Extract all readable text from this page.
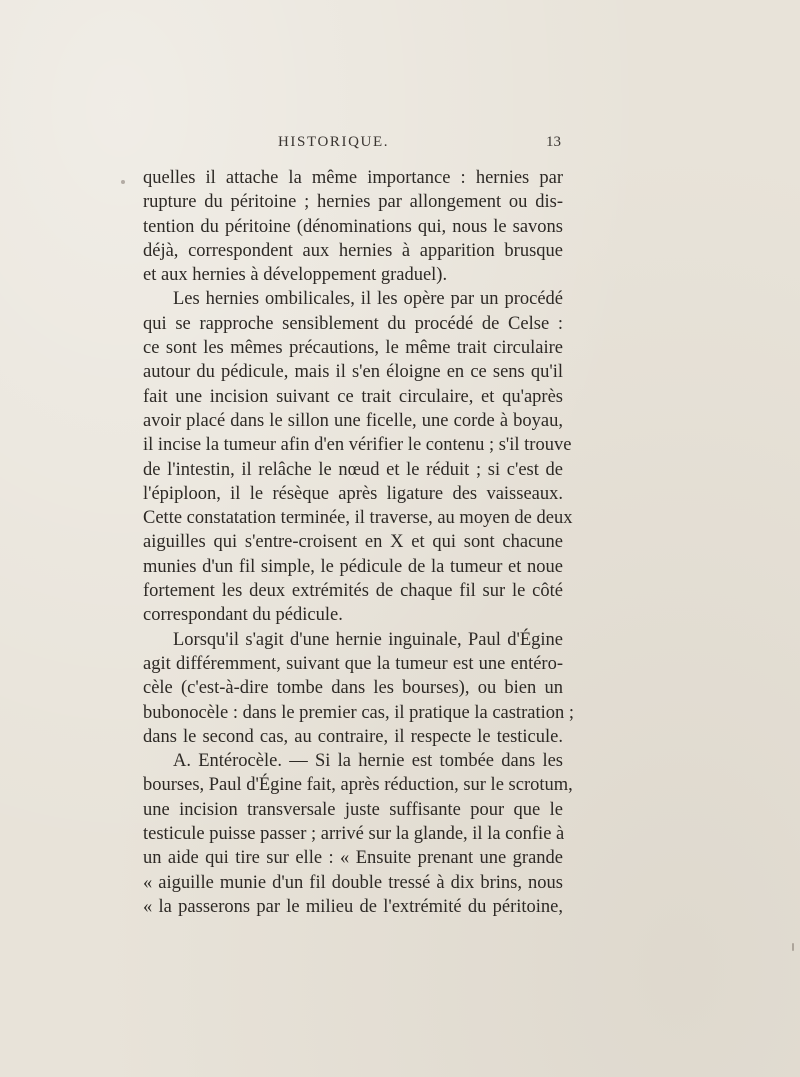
HISTORIQUE.	13
quelles il attache la même importance : hernies par
rupture du péritoine ; hernies par allongement ou dis-
tention du péritoine (dénominations qui, nous le savons
déjà, correspondent aux hernies à apparition brusque
et aux hernies à développement graduel).
Les hernies ombilicales, il les opère par un procédé
qui se rapproche sensiblement du procédé de Celse :
ce sont les mêmes précautions, le même trait circulaire
autour du pédicule, mais il s'en éloigne en ce sens qu'il
fait une incision suivant ce trait circulaire, et qu'après
avoir placé dans le sillon une ficelle, une corde à boyau,
il incise la tumeur afin d'en vérifier le contenu ; s'il trouve
de l'intestin, il relâche le nœud et le réduit ; si c'est de
l'épiploon, il le résèque après ligature des vaisseaux.
Cette constatation terminée, il traverse, au moyen de deux
aiguilles qui s'entre-croisent en X et qui sont chacune
munies d'un fil simple, le pédicule de la tumeur et noue
fortement les deux extrémités de chaque fil sur le côté
correspondant du pédicule.
Lorsqu'il s'agit d'une hernie inguinale, Paul d'Égine
agit différemment, suivant que la tumeur est une entéro-
cèle (c'est-à-dire tombe dans les bourses), ou bien un
bubonocèle : dans le premier cas, il pratique la castration ;
dans le second cas, au contraire, il respecte le testicule.
A. Entérocèle. — Si la hernie est tombée dans les
bourses, Paul d'Égine fait, après réduction, sur le scrotum,
une incision transversale juste suffisante pour que le
testicule puisse passer ; arrivé sur la glande, il la confie à
un aide qui tire sur elle : « Ensuite prenant une grande
« aiguille munie d'un fil double tressé à dix brins, nous
« la passerons par le milieu de l'extrémité du péritoine,
